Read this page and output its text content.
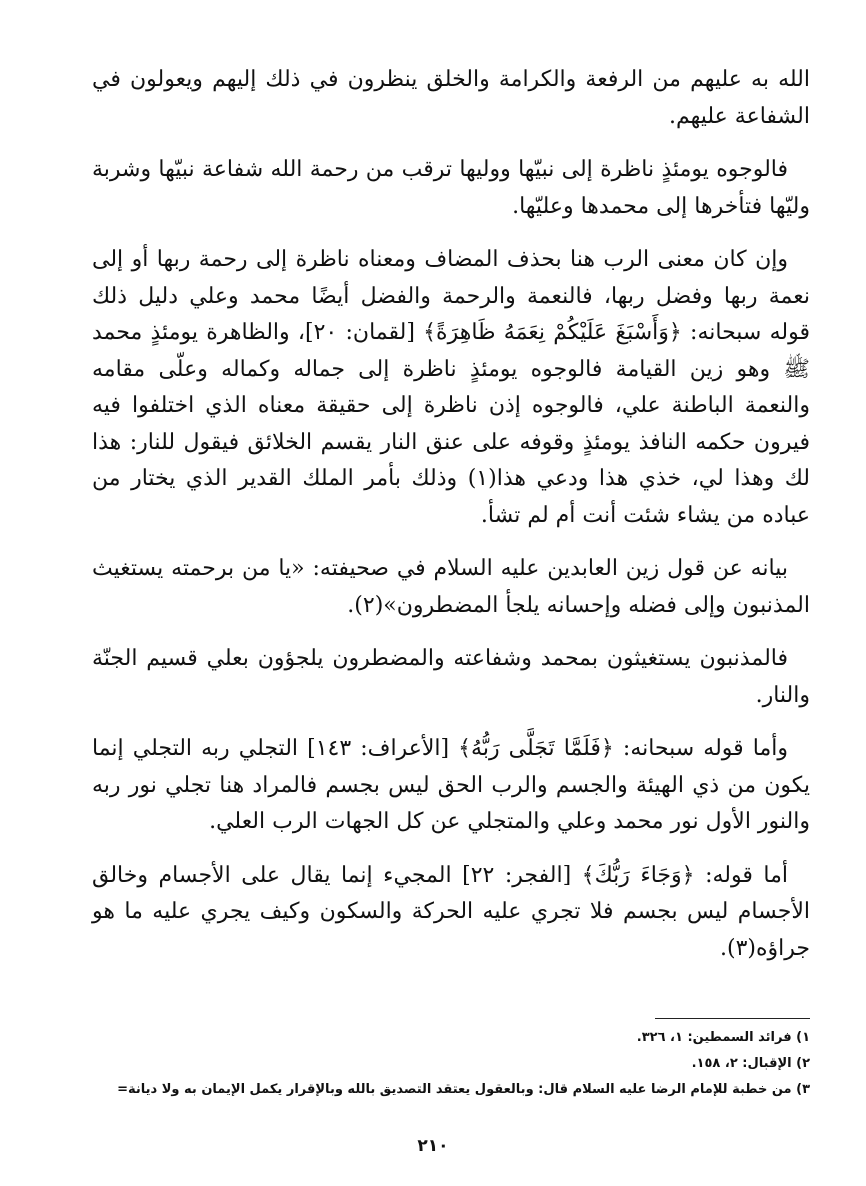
الله به عليهم من الرفعة والكرامة والخلق ينظرون في ذلك إليهم ويعولون في الشفاعة عليهم.

فالوجوه يومئذٍ ناظرة إلى نبيّها ووليها ترقب من رحمة الله شفاعة نبيّها وشربة وليّها فتأخرها إلى محمدها وعليّها.

وإن كان معنى الرب هنا بحذف المضاف ومعناه ناظرة إلى رحمة ربها أو إلى نعمة ربها وفضل ربها، فالنعمة والرحمة والفضل أيضًا محمد وعلي دليل ذلك قوله سبحانه: ﴿وَأَسْبَغَ عَلَيْكُمْ نِعَمَهُ ظَاهِرَةً﴾ [لقمان: ٢٠]، والظاهرة يومئذٍ محمد ﷺ وهو زين القيامة فالوجوه يومئذٍ ناظرة إلى جماله وكماله وعلّى مقامه والنعمة الباطنة علي، فالوجوه إذن ناظرة إلى حقيقة معناه الذي اختلفوا فيه فيرون حكمه النافذ يومئذٍ وقوفه على عنق النار يقسم الخلائق فيقول للنار: هذا لك وهذا لي، خذي هذا ودعي هذا(١) وذلك بأمر الملك القدير الذي يختار من عباده من يشاء شئت أنت أم لم تشأ.

بيانه عن قول زين العابدين عليه السلام في صحيفته: «يا من برحمته يستغيث المذنبون وإلى فضله وإحسانه يلجأ المضطرون»(٢).

فالمذنبون يستغيثون بمحمد وشفاعته والمضطرون يلجؤون بعلي قسيم الجنّة والنار.

وأما قوله سبحانه: ﴿فَلَمَّا تَجَلَّى رَبُّهُ﴾ [الأعراف: ١٤٣] التجلي ربه التجلي إنما يكون من ذي الهيئة والجسم والرب الحق ليس بجسم فالمراد هنا تجلي نور ربه والنور الأول نور محمد وعلي والمتجلي عن كل الجهات الرب العلي.

أما قوله: ﴿وَجَاءَ رَبُّكَ﴾ [الفجر: ٢٢] المجيء إنما يقال على الأجسام وخالق الأجسام ليس بجسم فلا تجري عليه الحركة والسكون وكيف يجري عليه ما هو جراؤه(٣).

١) فرائد السمطين: ١، ٣٢٦.
٢) الإقبال: ٢، ١٥٨.
٣) من خطبة للإمام الرضا عليه السلام قال: وبالعقول يعتقد التصديق بالله وبالإقرار يكمل الإيمان به ولا ديانة=
٢١٠
